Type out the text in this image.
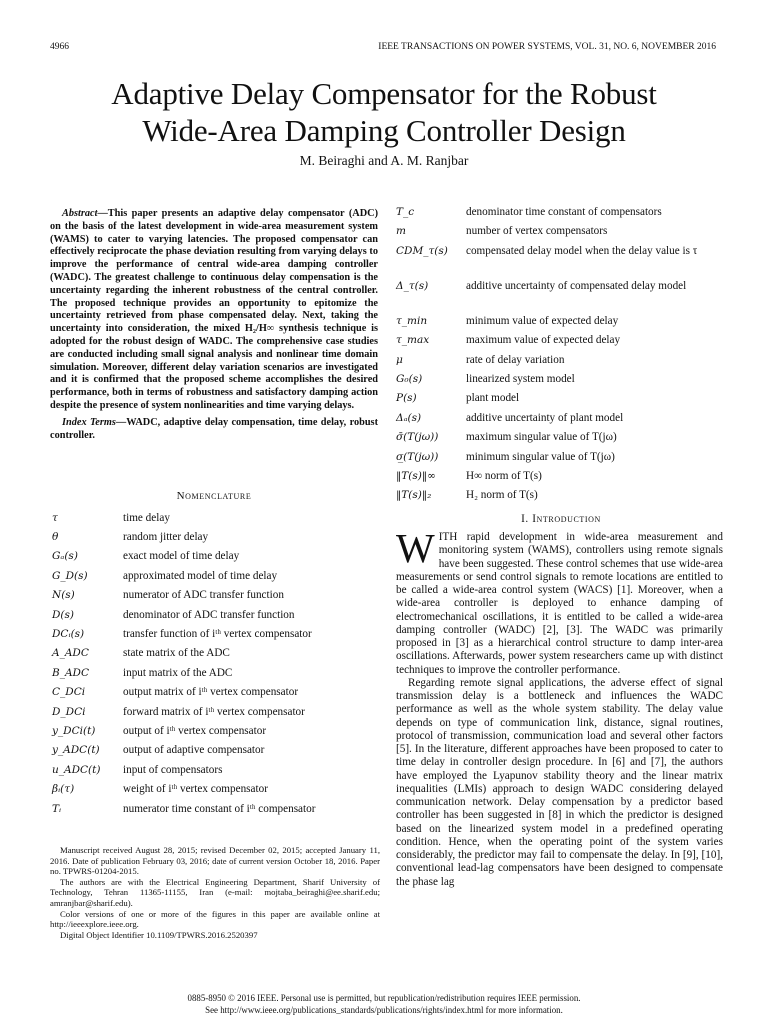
4966	IEEE TRANSACTIONS ON POWER SYSTEMS, VOL. 31, NO. 6, NOVEMBER 2016
Adaptive Delay Compensator for the Robust
Wide-Area Damping Controller Design
M. Beiraghi and A. M. Ranjbar

Abstract—This paper presents an adaptive delay compensator (ADC) on the basis of the latest development in wide-area measurement system (WAMS) to cater to varying latencies. The proposed compensator can effectively reciprocate the phase deviation resulting from varying delays to improve the performance of central wide-area damping controller (WADC). The greatest challenge to continuous delay compensation is the uncertainty regarding the inherent robustness of the central controller. The proposed technique provides an opportunity to epitomize the uncertainty retrieved from phase compensated delay. Next, taking the uncertainty into consideration, the mixed H₂/H∞ synthesis technique is adopted for the robust design of WADC. The comprehensive case studies are conducted including small signal analysis and nonlinear time domain simulation. Moreover, different delay variation scenarios are investigated and it is confirmed that the proposed scheme accomplishes the desired performance, both in terms of robustness and satisfactory damping action despite the presence of system nonlinearities and time varying delays.

Index Terms—WADC, adaptive delay compensation, time delay, robust controller.

Nomenclature
τ	time delay
θ	random jitter delay
Gₐ(s)	exact model of time delay
G_D(s)	approximated model of time delay
N(s)	numerator of ADC transfer function
D(s)	denominator of ADC transfer function
DCᵢ(s)	transfer function of iᵗʰ vertex compensator
A_ADC	state matrix of the ADC
B_ADC	input matrix of the ADC
C_DCi	output matrix of iᵗʰ vertex compensator
D_DCi	forward matrix of iᵗʰ vertex compensator
y_DCi(t)	output of iᵗʰ vertex compensator
y_ADC(t)	output of adaptive compensator
u_ADC(t)	input of compensators
βᵢ(τ)	weight of iᵗʰ vertex compensator
Tᵢ	numerator time constant of iᵗʰ compensator

Manuscript received August 28, 2015; revised December 02, 2015; accepted January 11, 2016. Date of publication February 03, 2016; date of current version October 18, 2016. Paper no. TPWRS-01204-2015.

The authors are with the Electrical Engineering Department, Sharif University of Technology, Tehran 11365-11155, Iran (e-mail: mojtaba_beiraghi@ee.sharif.edu; amranjbar@sharif.edu).

Color versions of one or more of the figures in this paper are available online at http://ieeexplore.ieee.org.

Digital Object Identifier 10.1109/TPWRS.2016.2520397

T_c	denominator time constant of compensators
m	number of vertex compensators
CDM_τ(s)	compensated delay model when the delay value is τ
Δ_τ(s)	additive uncertainty of compensated delay model
τ_min	minimum value of expected delay
τ_max	maximum value of expected delay
μ	rate of delay variation
G₀(s)	linearized system model
P(s)	plant model
Δₐ(s)	additive uncertainty of plant model
σ̄(T(jω))	maximum singular value of T(jω)
σ̲(T(jω))	minimum singular value of T(jω)
‖T(s)‖∞	H∞ norm of T(s)
‖T(s)‖₂	H₂ norm of T(s)
I. Introduction

WITH rapid development in wide-area measurement and monitoring system (WAMS), controllers using remote signals have been suggested. These control schemes that use wide-area measurements or send control signals to remote locations are entitled to be called a wide-area control system (WACS) [1]. Moreover, when a wide-area controller is deployed to enhance damping of electromechanical oscillations, it is entitled to be called a wide-area damping controller (WADC) [2], [3]. The WADC was primarily proposed in [3] as a hierarchical control structure to damp inter-area oscillations. Afterwards, power system researchers came up with distinct techniques to improve the controller performance.

Regarding remote signal applications, the adverse effect of signal transmission delay is a bottleneck and influences the WADC performance as well as the whole system stability. The delay value depends on type of communication link, distance, signal routines, protocol of transmission, communication load and several other factors [5]. In the literature, different approaches have been proposed to cater to time delay in controller design procedure. In [6] and [7], the authors have employed the Lyapunov stability theory and the linear matrix inequalities (LMIs) approach to design WADC considering delayed communication network. Delay compensation by a predictor based controller has been suggested in [8] in which the predictor is designed based on the linearized system model in a predefined operating condition. Hence, when the operating point of the system varies considerably, the predictor may fail to compensate the delay. In [9], [10], conventional lead-lag compensators have been designed to compensate the phase lag

0885-8950 © 2016 IEEE. Personal use is permitted, but republication/redistribution requires IEEE permission.
See http://www.ieee.org/publications_standards/publications/rights/index.html for more information.
